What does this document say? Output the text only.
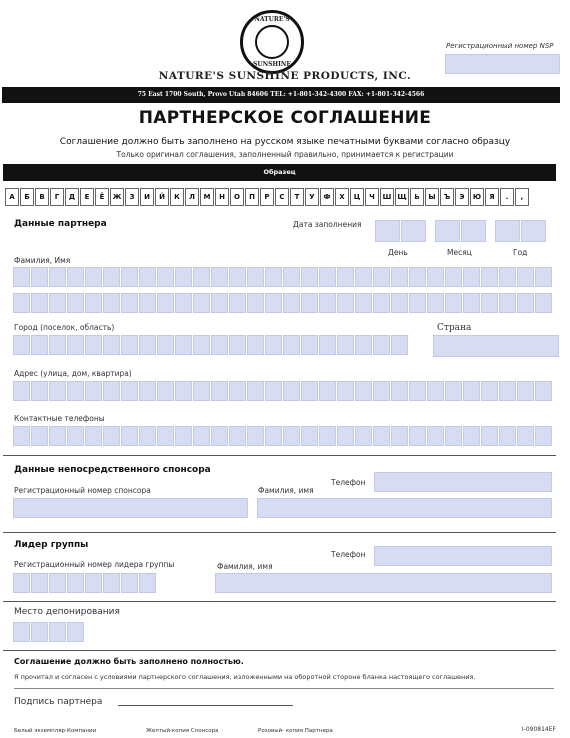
NATURE'S
SUNSHINE
Регистрационный номер NSP
NATURE'S SUNSHINE PRODUCTS, INC.
75 East 1700 South, Provo Utah 84606 TEL: +1-801-342-4300 FAX: +1-801-342-4566
ПАРТНЕРСКОЕ СОГЛАШЕНИЕ
Соглашение должно быть заполнено на русском языке печатными буквами согласно образцу
Только оригинал соглашения, заполненный правильно, принимается к регистрации
Образец
А	Б	В	Г	Д	Е	Ё	Ж	З	И	Й	К	Л	М	Н	О	П	Р	С	Т	У	Ф	Х	Ц	Ч	Ш Щ	Ь	Ы	Ъ	Э	Ю	Я	.	,
Данные партнера	Дата заполнения
День	Месяц	Год
Фамилия, Имя
Город (поселок, область)	Страна
Адрес (улица, дом, квартира)
Контактные телефоны
Данные непосредственного спонсора
Телефон
Регистрационный номер спонсора	Фамилия, имя
Лидер группы
Телефон
Регистрационный номер лидера группы	Фамилия, имя
Место депонирования
Соглашение должно быть заполнено полностью.
Я прочитал и согласен с условиями партнерского соглашения, изложенными на оборотной стороне бланка настоящего соглашения.
Подпись партнера
Белый экземпляр-Компании	Желтый-копия Спонсора	Розовый- копия Партнера	I-090814EF
